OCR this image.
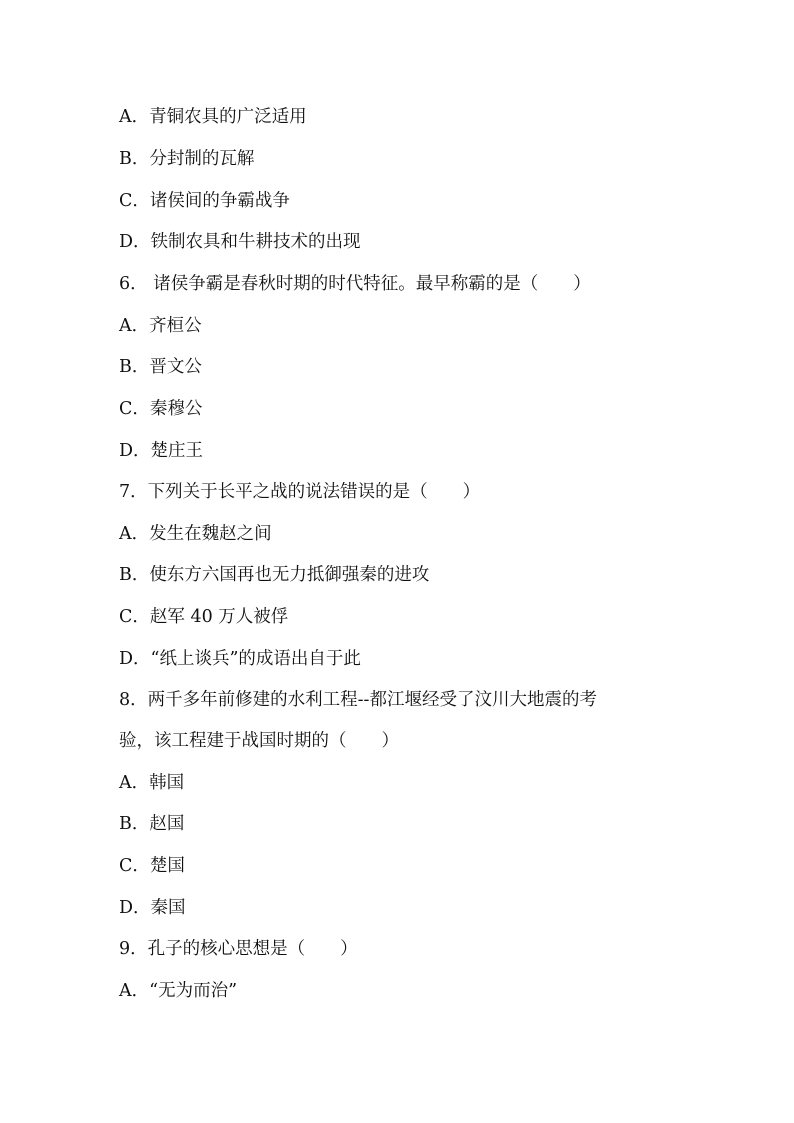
A．青铜农具的广泛适用
B．分封制的瓦解
C．诸侯间的争霸战争
D．铁制农具和牛耕技术的出现
6． 诸侯争霸是春秋时期的时代特征。最早称霸的是（　　）
A．齐桓公
B．晋文公
C．秦穆公
D．楚庄王
7．下列关于长平之战的说法错误的是（　　）
A．发生在魏赵之间
B．使东方六国再也无力抵御强秦的进攻
C．赵军 40 万人被俘
D．“纸上谈兵”的成语出自于此
8．两千多年前修建的水利工程--都江堰经受了汶川大地震的考
验，该工程建于战国时期的（　　）
A．韩国
B．赵国
C．楚国
D．秦国
9．孔子的核心思想是（　　）
A．“无为而治”
